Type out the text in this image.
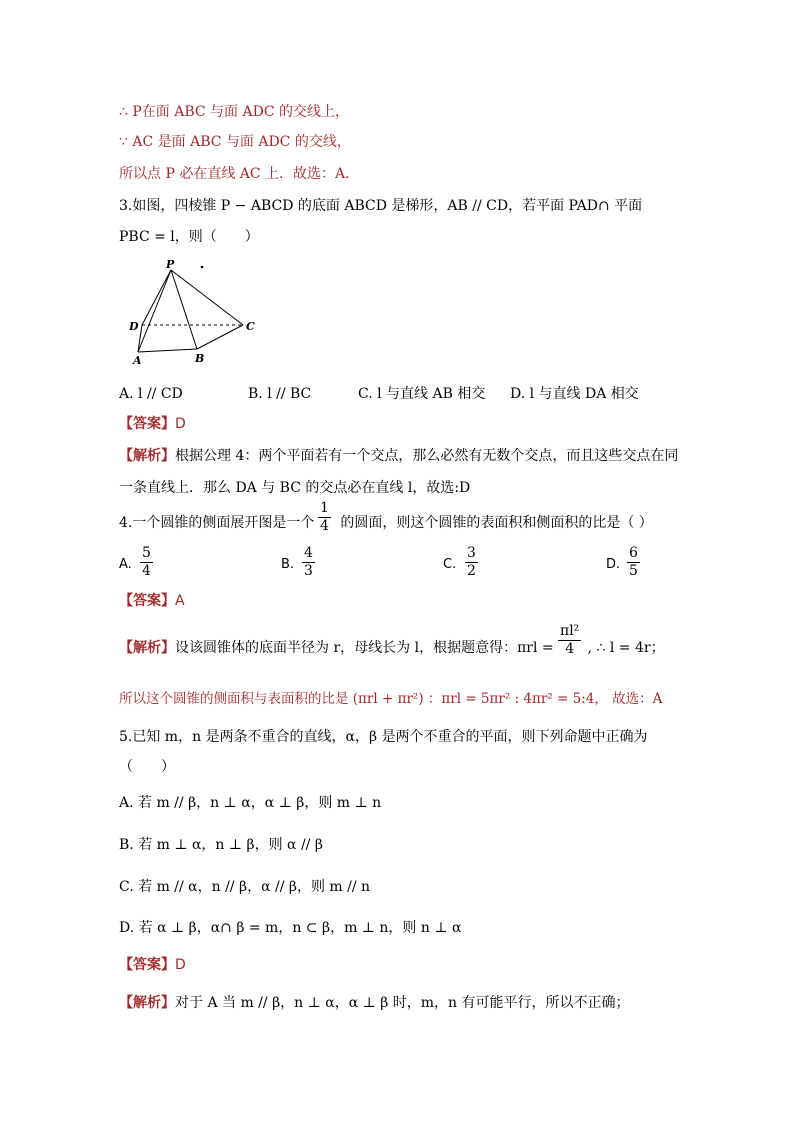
∴ P在面 ABC 与面 ADC 的交线上，
∵ AC 是面 ABC 与面 ADC 的交线，
所以点 P 必在直线 AC 上．故选：A．
3.如图，四棱锥 P − ABCD 的底面 ABCD 是梯形，AB // CD，若平面 PAD∩ 平面
PBC = l，则（　　）
P
D	C
A	B
A. l // CD	B. l // BC	C. l 与直线 AB 相交 D. l 与直线 DA 相交
【答案】D
【解析】根据公理 4：两个平面若有一个交点，那么必然有无数个交点，而且这些交点在同
一条直线上．那么 DA 与 BC 的交点必在直线 l，故选:D
4.一个圆锥的侧面展开图是一个 的圆面，则这个圆锥的表面积和侧面积的比是（ ）
1
4
A.
5
4	B.
4
3	C.
3
2	D.
6
5
【答案】A
【解析】设该圆锥体的底面半径为 r，母线长为 l，根据题意得：πrl = , ∴ l = 4r；
πl²
4
所以这个圆锥的侧面积与表面积的比是 (πrl + πr²) ：πrl = 5πr² : 4πr² = 5:4， 故选：A
5.已知 m，n 是两条不重合的直线，α，β 是两个不重合的平面，则下列命题中正确为
（　　）
A. 若 m // β，n ⊥ α，α ⊥ β，则 m ⊥ n
B. 若 m ⊥ α，n ⊥ β，则 α // β
C. 若 m // α，n // β，α // β，则 m // n
D. 若 α ⊥ β，α∩ β = m，n ⊂ β，m ⊥ n，则 n ⊥ α
【答案】D
【解析】对于 A 当 m // β，n ⊥ α，α ⊥ β 时，m，n 有可能平行，所以不正确；
